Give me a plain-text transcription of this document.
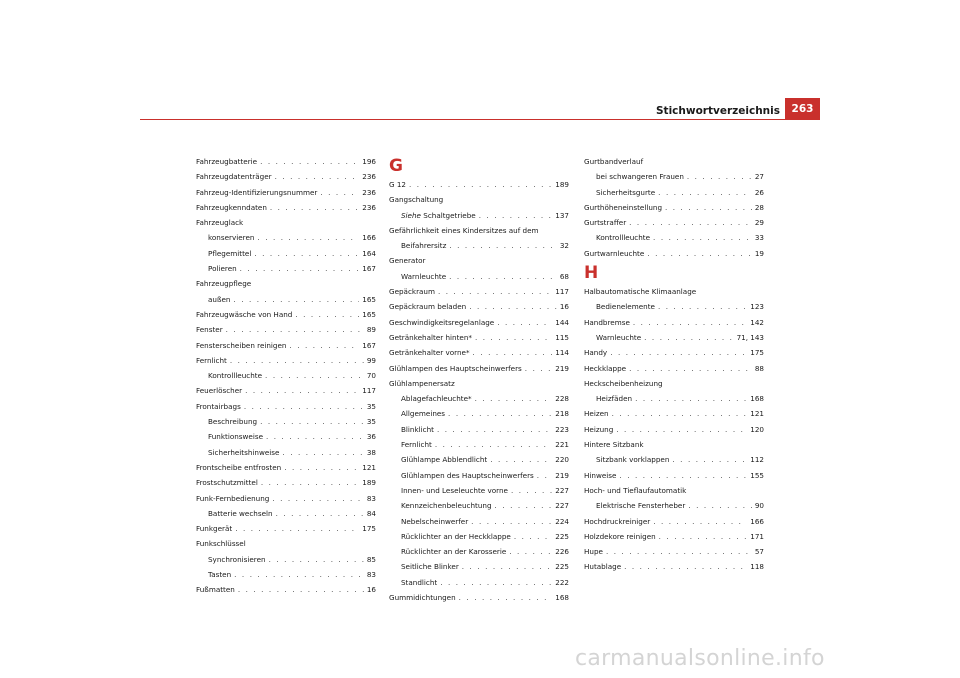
Stichwortverzeichnis 263
Fahrzeugbatterie . . .	196
Fahrzeugdatenträger . . .	236
Fahrzeug-Identifizierungsnummer . . .	236
Fahrzeugkenndaten . . .	236
Fahrzeuglack
konservieren . . .	166
Pflegemittel . . .	164
Polieren . . .	167
Fahrzeugpflege
außen . . .	165
Fahrzeugwäsche von Hand . . .	165
Fenster . . .	89
Fensterscheiben reinigen . . .	167
Fernlicht . . .	99
Kontrollleuchte . . .	70
Feuerlöscher . . .	117
Frontairbags . . .	35
Beschreibung . . .	35
Funktionsweise . . .	36
Sicherheitshinweise . . .	38
Frontscheibe entfrosten . . .	121
Frostschutzmittel . . .	189
Funk-Fernbedienung . . .	83
Batterie wechseln . . .	84
Funkgerät . . .	175
Funkschlüssel
Synchronisieren . . .	85
Tasten . . .	83
Fußmatten . . .	16
G
G 12 . . .	189
Gangschaltung
Siehe Schaltgetriebe . . .	137
Gefährlichkeit eines Kindersitzes auf dem
Beifahrersitz . . .	32
Generator
Warnleuchte . . .	68
Gepäckraum . . .	117
Gepäckraum beladen . . .	16
Geschwindigkeitsregelanlage . . .	144
Getränkehalter hinten* . . .	115
Getränkehalter vorne* . . .	114
Glühlampen des Hauptscheinwerfers . . .	219
Glühlampenersatz
Ablagefachleuchte* . . .	228
Allgemeines . . .	218
Blinklicht . . .	223
Fernlicht . . .	221
Glühlampe Abblendlicht . . .	220
Glühlampen des Hauptscheinwerfers . . .	219
Innen- und Leseleuchte vorne . . .	227
Kennzeichenbeleuchtung . . .	227
Nebelscheinwerfer . . .	224
Rücklichter an der Heckklappe . . .	225
Rücklichter an der Karosserie . . .	226
Seitliche Blinker . . .	225
Standlicht . . .	222
Gummidichtungen . . .	168
Gurtbandverlauf
bei schwangeren Frauen . . .	27
Sicherheitsgurte . . .	26
Gurthöheneinstellung . . .	28
Gurtstraffer . . .	29
Kontrollleuchte . . .	33
Gurtwarnleuchte . . .	19
H
Halbautomatische Klimaanlage
Bedienelemente . . .	123
Handbremse . . .	142
Warnleuchte . . .	71, 143
Handy . . .	175
Heckklappe . . .	88
Heckscheibenheizung
Heizfäden . . .	168
Heizen . . .	121
Heizung . . .	120
Hintere Sitzbank
Sitzbank vorklappen . . .	112
Hinweise . . .	155
Hoch- und Tieflaufautomatik
Elektrische Fensterheber . . .	90
Hochdruckreiniger . . .	166
Holzdekore reinigen . . .	171
Hupe . . .	57
Hutablage . . .	118
carmanualsonline.info
